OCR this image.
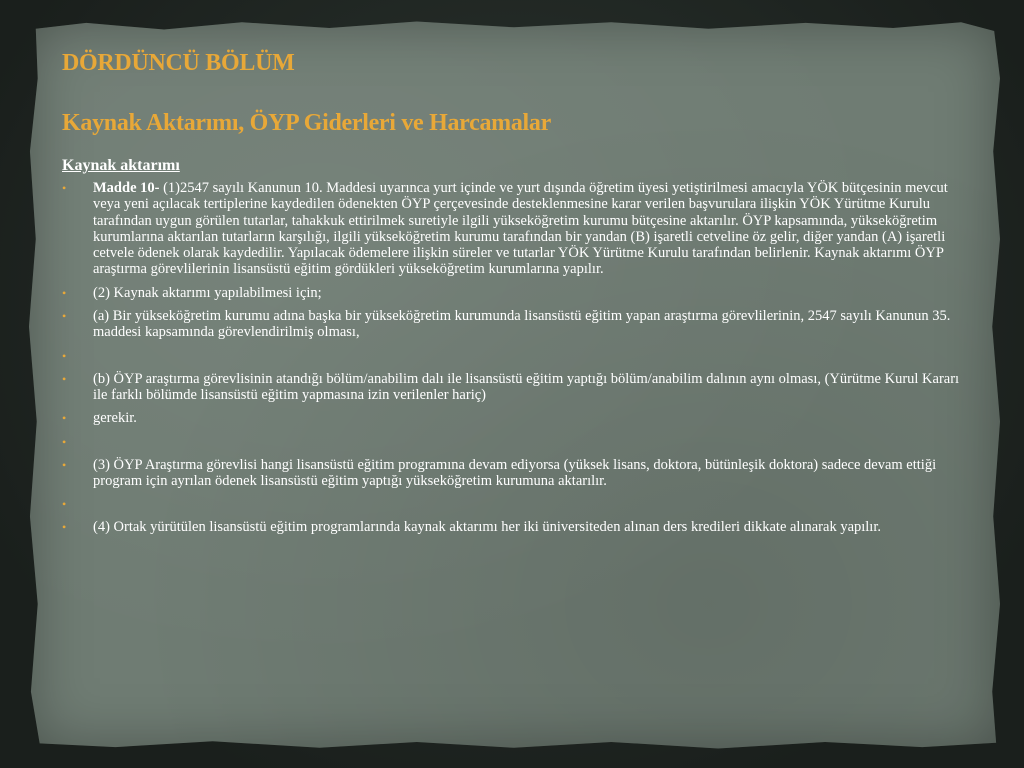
DÖRDÜNCÜ BÖLÜM
Kaynak Aktarımı, ÖYP Giderleri ve Harcamalar
Kaynak aktarımı
• Madde 10- (1)2547 sayılı Kanunun 10. Maddesi uyarınca yurt içinde ve yurt dışında öğretim üyesi yetiştirilmesi amacıyla YÖK bütçesinin mevcut veya yeni açılacak tertiplerine kaydedilen ödenekten ÖYP çerçevesinde desteklenmesine karar verilen başvurulara ilişkin YÖK Yürütme Kurulu tarafından uygun görülen tutarlar, tahakkuk ettirilmek suretiyle ilgili yükseköğretim kurumu bütçesine aktarılır. ÖYP kapsamında, yükseköğretim kurumlarına aktarılan tutarların karşılığı, ilgili yükseköğretim kurumu tarafından bir yandan (B) işaretli cetveline öz gelir, diğer yandan (A) işaretli cetvele ödenek olarak kaydedilir. Yapılacak ödemelere ilişkin süreler ve tutarlar YÖK Yürütme Kurulu tarafından belirlenir. Kaynak aktarımı ÖYP araştırma görevlilerinin lisansüstü eğitim gördükleri yükseköğretim kurumlarına yapılır.
• (2) Kaynak aktarımı yapılabilmesi için;
• (a) Bir yükseköğretim kurumu adına başka bir yükseköğretim kurumunda lisansüstü eğitim yapan araştırma görevlilerinin, 2547 sayılı Kanunun 35. maddesi kapsamında görevlendirilmiş olması,
•
• (b) ÖYP araştırma görevlisinin atandığı bölüm/anabilim dalı ile lisansüstü eğitim yaptığı bölüm/anabilim dalının aynı olması, (Yürütme Kurul Kararı ile farklı bölümde lisansüstü eğitim yapmasına izin verilenler hariç)
• gerekir.
•
• (3) ÖYP Araştırma görevlisi hangi lisansüstü eğitim programına devam ediyorsa (yüksek lisans, doktora, bütünleşik doktora) sadece devam ettiği program için ayrılan ödenek lisansüstü eğitim yaptığı yükseköğretim kurumuna aktarılır.
•
• (4) Ortak yürütülen lisansüstü eğitim programlarında kaynak aktarımı her iki üniversiteden alınan ders kredileri dikkate alınarak yapılır.
